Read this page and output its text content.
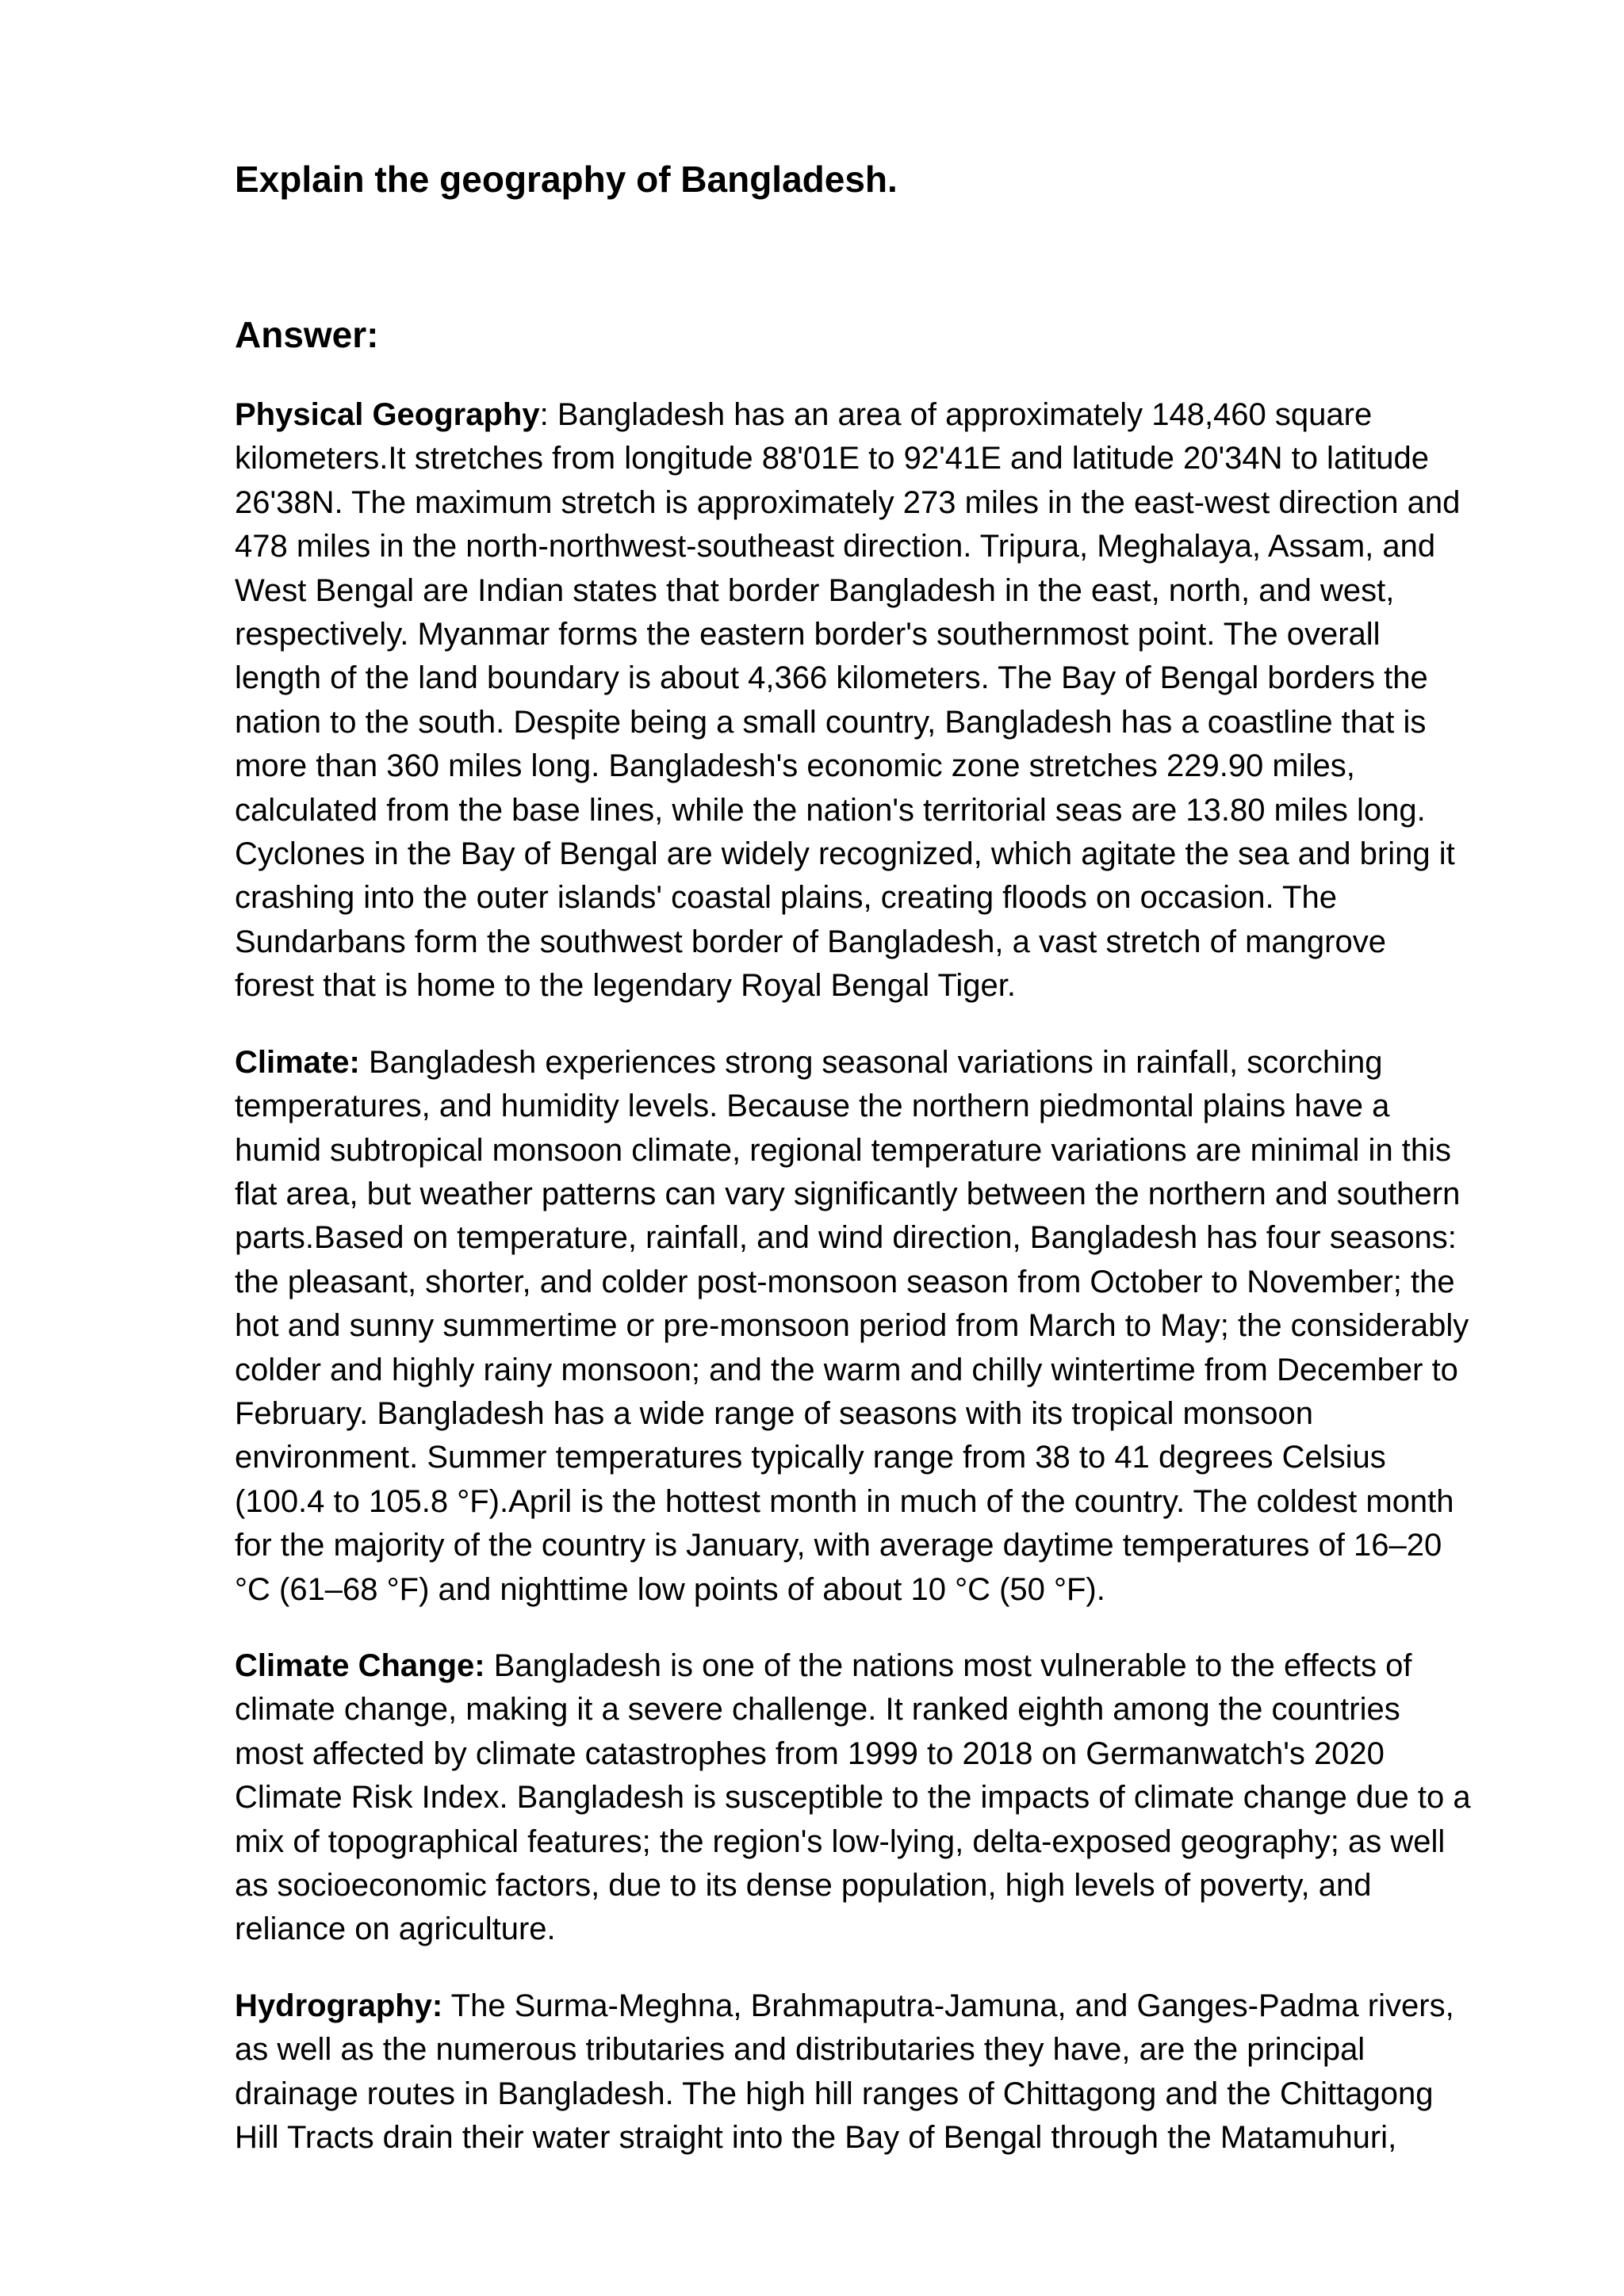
Explain the geography of Bangladesh.
Answer:

Physical Geography: Bangladesh has an area of approximately 148,460 square
kilometers.It stretches from longitude 88'01E to 92'41E and latitude 20'34N to latitude
26'38N. The maximum stretch is approximately 273 miles in the east-west direction and
478 miles in the north-northwest-southeast direction. Tripura, Meghalaya, Assam, and
West Bengal are Indian states that border Bangladesh in the east, north, and west,
respectively. Myanmar forms the eastern border's southernmost point. The overall
length of the land boundary is about 4,366 kilometers. The Bay of Bengal borders the
nation to the south. Despite being a small country, Bangladesh has a coastline that is
more than 360 miles long. Bangladesh's economic zone stretches 229.90 miles,
calculated from the base lines, while the nation's territorial seas are 13.80 miles long.
Cyclones in the Bay of Bengal are widely recognized, which agitate the sea and bring it
crashing into the outer islands' coastal plains, creating floods on occasion. The
Sundarbans form the southwest border of Bangladesh, a vast stretch of mangrove
forest that is home to the legendary Royal Bengal Tiger.

Climate: Bangladesh experiences strong seasonal variations in rainfall, scorching
temperatures, and humidity levels. Because the northern piedmontal plains have a
humid subtropical monsoon climate, regional temperature variations are minimal in this
flat area, but weather patterns can vary significantly between the northern and southern
parts.Based on temperature, rainfall, and wind direction, Bangladesh has four seasons:
the pleasant, shorter, and colder post-monsoon season from October to November; the
hot and sunny summertime or pre-monsoon period from March to May; the considerably
colder and highly rainy monsoon; and the warm and chilly wintertime from December to
February. Bangladesh has a wide range of seasons with its tropical monsoon
environment. Summer temperatures typically range from 38 to 41 degrees Celsius
(100.4 to 105.8 °F).April is the hottest month in much of the country. The coldest month
for the majority of the country is January, with average daytime temperatures of 16–20
°C (61–68 °F) and nighttime low points of about 10 °C (50 °F).

Climate Change: Bangladesh is one of the nations most vulnerable to the effects of
climate change, making it a severe challenge. It ranked eighth among the countries
most affected by climate catastrophes from 1999 to 2018 on Germanwatch's 2020
Climate Risk Index. Bangladesh is susceptible to the impacts of climate change due to a
mix of topographical features; the region's low-lying, delta-exposed geography; as well
as socioeconomic factors, due to its dense population, high levels of poverty, and
reliance on agriculture.

Hydrography: The Surma-Meghna, Brahmaputra-Jamuna, and Ganges-Padma rivers,
as well as the numerous tributaries and distributaries they have, are the principal
drainage routes in Bangladesh. The high hill ranges of Chittagong and the Chittagong
Hill Tracts drain their water straight into the Bay of Bengal through the Matamuhuri,
